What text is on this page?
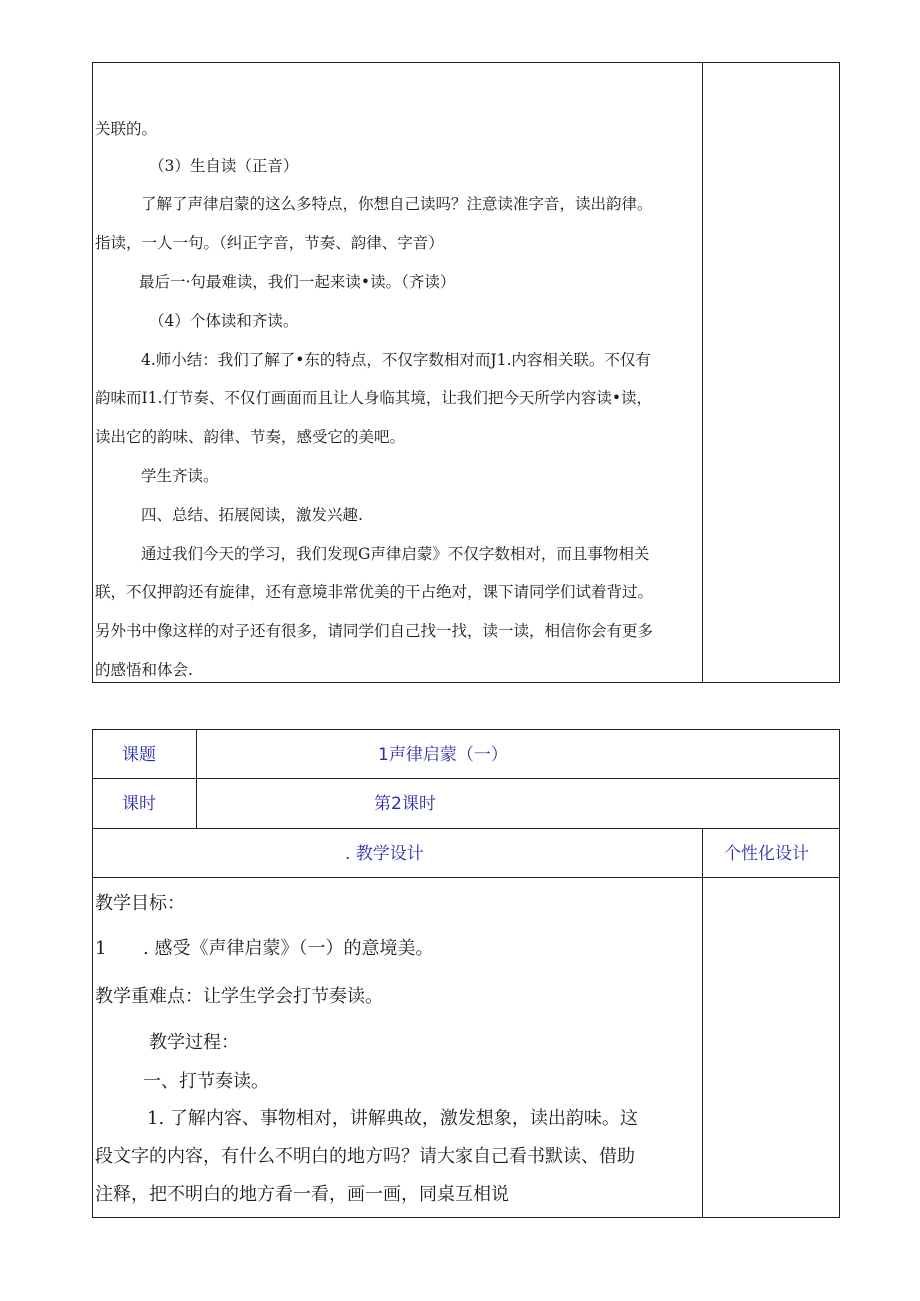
关联的。
（3）生自读（正音）
了解了声律启蒙的这么多特点，你想自己读吗？注意读准字音，读出韵律。
指读，一人一句。（纠正字音，节奏、韵律、字音）
最后一·句最难读，我们一起来读•读。（齐读）
（4）个体读和齐读。
4.师小结：我们了解了•东的特点，不仅字数相对而J1.内容相关联。不仅有
韵味而I1.仃节奏、不仅仃画面而且让人身临其境，让我们把今天所学内容读•读，
读出它的韵味、韵律、节奏，感受它的美吧。
学生齐读。
四、总结、拓展阅读，激发兴趣.
通过我们今天的学习，我们发现G声律启蒙》不仅字数相对，而且事物相关
联，不仅押韵还有旋律，还有意境非常优美的干占绝对，课下请同学们试着背过。
另外书中像这样的对子还有很多，请同学们自己找一找，读一读，相信你会有更多
的感悟和体会.
课题	1声律启蒙（一）
课时	第2课时
. 教学设计	个性化设计
教学目标：
1 . 感受《声律启蒙》（一）的意境美。
教学重难点：让学生学会打节奏读。
教学过程：
一、打节奏读。
1. 了解内容、事物相对，讲解典故，激发想象，读出韵味。这
段文字的内容，有什么不明白的地方吗？请大家自己看书默读、借助
注释，把不明白的地方看一看，画一画，同桌互相说
